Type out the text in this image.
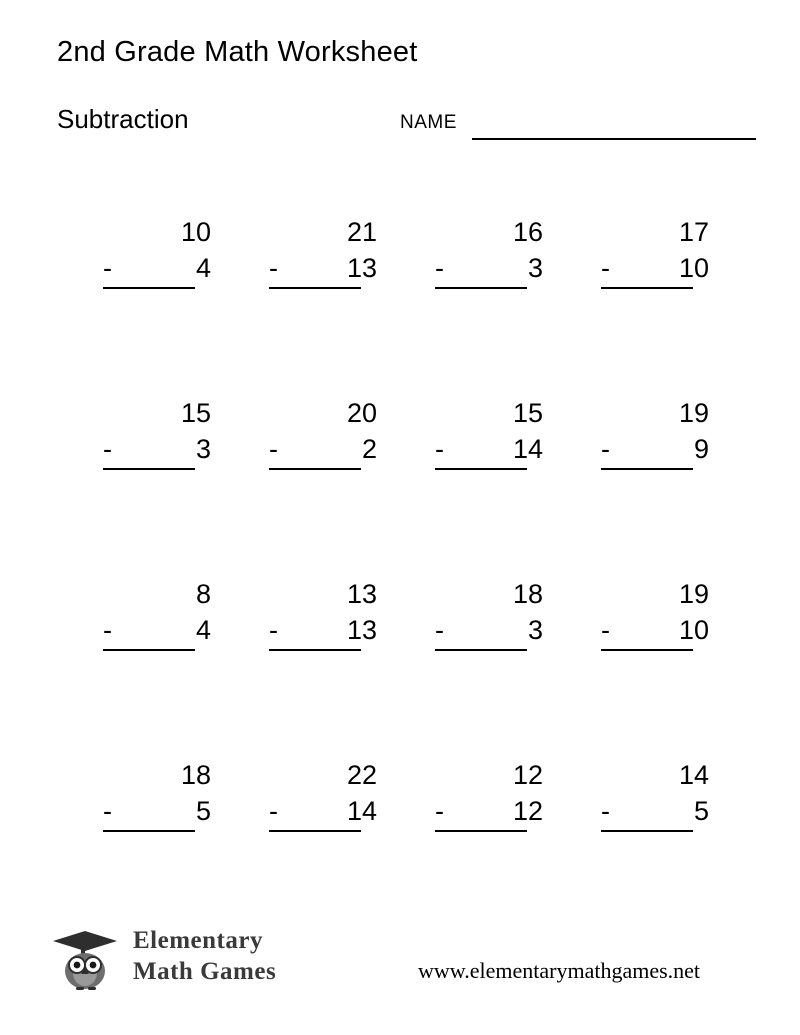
2nd Grade Math Worksheet
Subtraction	NAME
10
-	4
21
-	13
16
-	3
17
-	10
15
-	3
20
-	2
15
-	14
19
-	9
8
-	4
13
-	13
18
-	3
19
-	10
18
-	5
22
-	14
12
-	12
14
-	5
Elementary
Math Games	www.elementarymathgames.net
